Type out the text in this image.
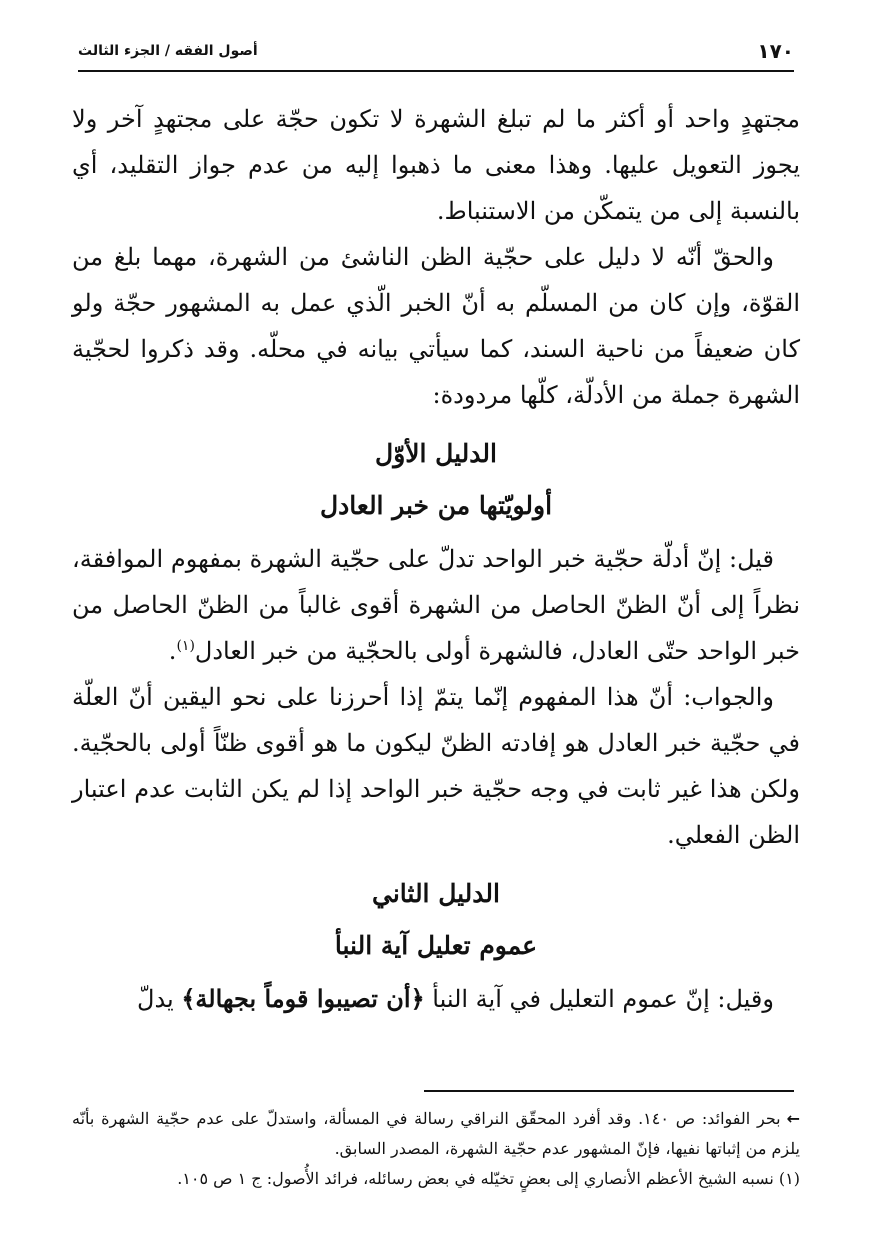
١٧٠
أصول الفقه / الجزء الثالث

مجتهدٍ واحد أو أكثر ما لم تبلغ الشهرة لا تكون حجّة على مجتهدٍ آخر ولا يجوز التعويل عليها. وهذا معنى ما ذهبوا إليه من عدم جواز التقليد، أي بالنسبة إلى من يتمكّن من الاستنباط.

والحقّ أنّه لا دليل على حجّية الظن الناشئ من الشهرة، مهما بلغ من القوّة، وإن كان من المسلّم به أنّ الخبر الّذي عمل به المشهور حجّة ولو كان ضعيفاً من ناحية السند، كما سيأتي بيانه في محلّه. وقد ذكروا لحجّية الشهرة جملة من الأدلّة، كلّها مردودة:

الدليل الأوّل
أولويّتها من خبر العادل

قيل: إنّ أدلّة حجّية خبر الواحد تدلّ على حجّية الشهرة بمفهوم الموافقة، نظراً إلى أنّ الظنّ الحاصل من الشهرة أقوى غالباً من الظنّ الحاصل من خبر الواحد حتّى العادل، فالشهرة أولى بالحجّية من خبر العادل$^{(١)}$.

والجواب: أنّ هذا المفهوم إنّما يتمّ إذا أحرزنا على نحو اليقين أنّ العلّة في حجّية خبر العادل هو إفادته الظنّ ليكون ما هو أقوى ظنّاً أولى بالحجّية. ولكن هذا غير ثابت في وجه حجّية خبر الواحد إذا لم يكن الثابت عدم اعتبار الظن الفعلي.

الدليل الثاني
عموم تعليل آية النبأ

وقيل: إنّ عموم التعليل في آية النبأ ﴿أن تصيبوا قوماً بجهالة﴾ يدلّ

←بحر الفوائد: ص ١٤٠. وقد أفرد المحقّق النراقي رسالة في المسألة، واستدلّ على عدم حجّية الشهرة بأنّه يلزم من إثباتها نفيها، فإنّ المشهور عدم حجّية الشهرة، المصدر السابق.

(١) نسبه الشيخ الأعظم الأنصاري إلى بعضٍ تخيّله في بعض رسائله، فرائد الأُصول: ج ١ ص ١٠٥.
